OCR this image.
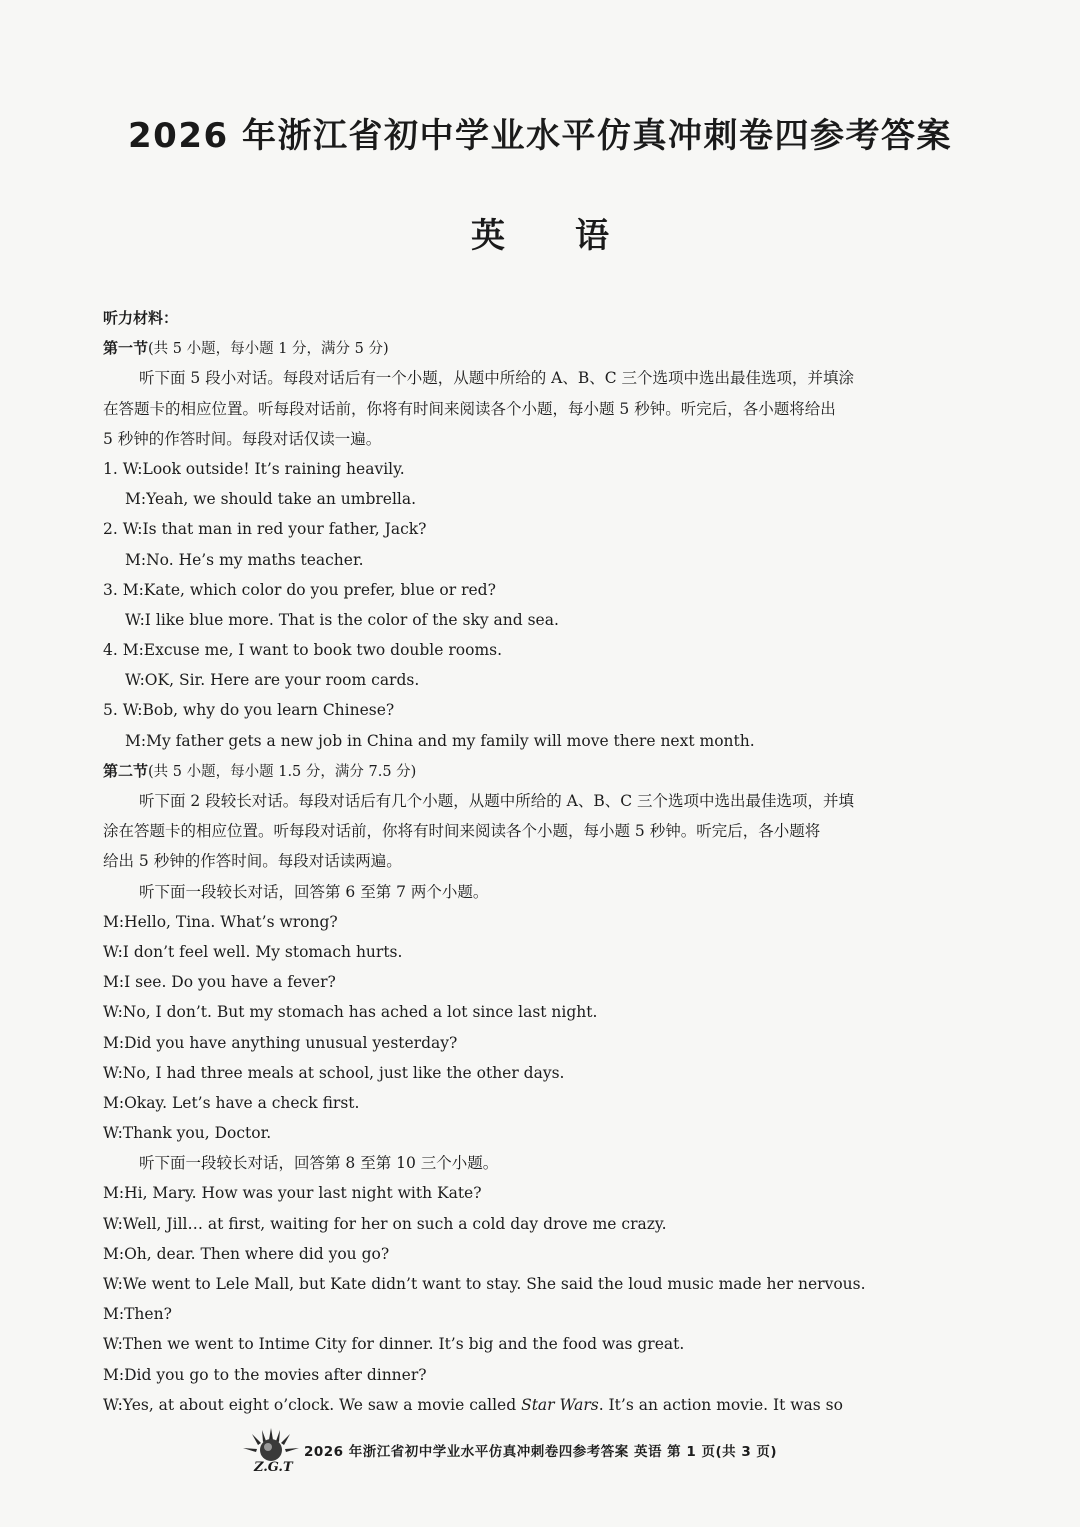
2026 年浙江省初中学业水平仿真冲刺卷四参考答案
英 语
听力材料：
第一节(共 5 小题，每小题 1 分，满分 5 分)
听下面 5 段小对话。每段对话后有一个小题，从题中所给的 A、B、C 三个选项中选出最佳选项，并填涂
在答题卡的相应位置。听每段对话前，你将有时间来阅读各个小题，每小题 5 秒钟。听完后，各小题将给出
5 秒钟的作答时间。每段对话仅读一遍。
1. W:Look outside! It’s raining heavily.
M:Yeah, we should take an umbrella.
2. W:Is that man in red your father, Jack?
M:No. He’s my maths teacher.
3. M:Kate, which color do you prefer, blue or red?
W:I like blue more. That is the color of the sky and sea.
4. M:Excuse me, I want to book two double rooms.
W:OK, Sir. Here are your room cards.
5. W:Bob, why do you learn Chinese?
M:My father gets a new job in China and my family will move there next month.
第二节(共 5 小题，每小题 1.5 分，满分 7.5 分)
听下面 2 段较长对话。每段对话后有几个小题，从题中所给的 A、B、C 三个选项中选出最佳选项，并填
涂在答题卡的相应位置。听每段对话前，你将有时间来阅读各个小题，每小题 5 秒钟。听完后，各小题将
给出 5 秒钟的作答时间。每段对话读两遍。
听下面一段较长对话，回答第 6 至第 7 两个小题。
M:Hello, Tina. What’s wrong?
W:I don’t feel well. My stomach hurts.
M:I see. Do you have a fever?
W:No, I don’t. But my stomach has ached a lot since last night.
M:Did you have anything unusual yesterday?
W:No, I had three meals at school, just like the other days.
M:Okay. Let’s have a check first.
W:Thank you, Doctor.
听下面一段较长对话，回答第 8 至第 10 三个小题。
M:Hi, Mary. How was your last night with Kate?
W:Well, Jill… at first, waiting for her on such a cold day drove me crazy.
M:Oh, dear. Then where did you go?
W:We went to Lele Mall, but Kate didn’t want to stay. She said the loud music made her nervous.
M:Then?
W:Then we went to Intime City for dinner. It’s big and the food was great.
M:Did you go to the movies after dinner?
W:Yes, at about eight o’clock. We saw a movie called Star Wars. It’s an action movie. It was so
Z.G.T
2026 年浙江省初中学业水平仿真冲刺卷四参考答案 英语 第 1 页(共 3 页)
